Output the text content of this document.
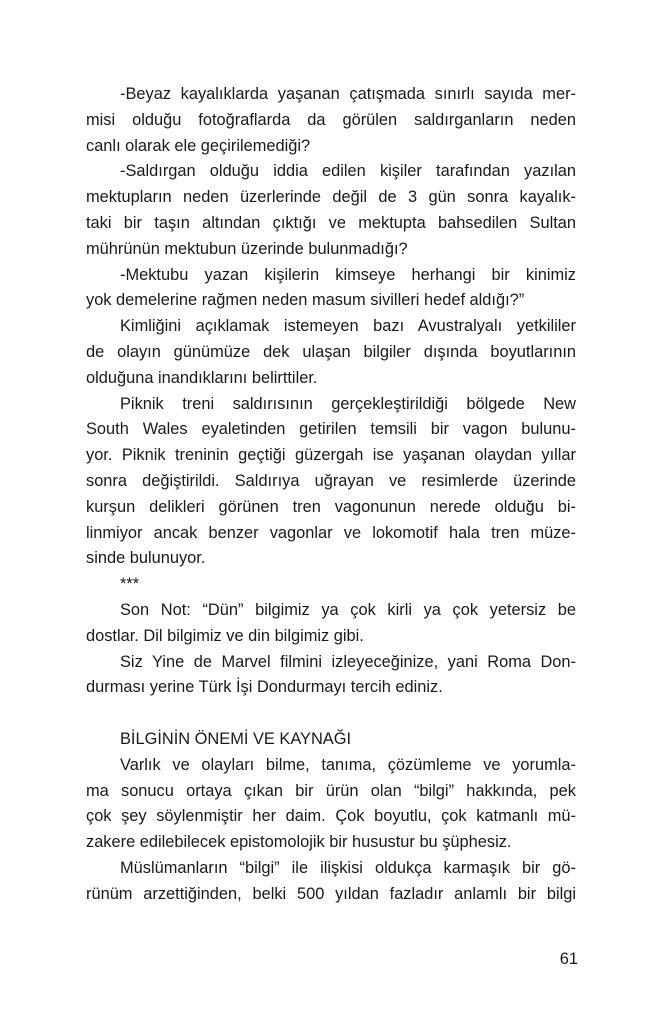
-Beyaz kayalıklarda yaşanan çatışmada sınırlı sayıda mer-
misi olduğu fotoğraflarda da görülen saldırganların neden
canlı olarak ele geçirilemediği?
-Saldırgan olduğu iddia edilen kişiler tarafından yazılan
mektupların neden üzerlerinde değil de 3 gün sonra kayalık-
taki bir taşın altından çıktığı ve mektupta bahsedilen Sultan
mührünün mektubun üzerinde bulunmadığı?
-Mektubu yazan kişilerin kimseye herhangi bir kinimiz
yok demelerine rağmen neden masum sivilleri hedef aldığı?”
Kimliğini açıklamak istemeyen bazı Avustralyalı yetkililer
de olayın günümüze dek ulaşan bilgiler dışında boyutlarının
olduğuna inandıklarını belirttiler.
Piknik treni saldırısının gerçekleştirildiği bölgede New
South Wales eyaletinden getirilen temsili bir vagon bulunu-
yor. Piknik treninin geçtiği güzergah ise yaşanan olaydan yıllar
sonra değiştirildi. Saldırıya uğrayan ve resimlerde üzerinde
kurşun delikleri görünen tren vagonunun nerede olduğu bi-
linmiyor ancak benzer vagonlar ve lokomotif hala tren müze-
sinde bulunuyor.
***
Son Not: “Dün” bilgimiz ya çok kirli ya çok yetersiz be
dostlar. Dil bilgimiz ve din bilgimiz gibi.
Siz Yine de Marvel filmini izleyeceğinize, yani Roma Don-
durması yerine Türk İşi Dondurmayı tercih ediniz.
BİLGİNİN ÖNEMİ VE KAYNAĞI
Varlık ve olayları bilme, tanıma, çözümleme ve yorumla-
ma sonucu ortaya çıkan bir ürün olan “bilgi” hakkında, pek
çok şey söylenmiştir her daim. Çok boyutlu, çok katmanlı mü-
zakere edilebilecek epistomolojik bir husustur bu şüphesiz.
Müslümanların “bilgi” ile ilişkisi oldukça karmaşık bir gö-
rünüm arzettiğinden, belki 500 yıldan fazladır anlamlı bir bilgi
61
